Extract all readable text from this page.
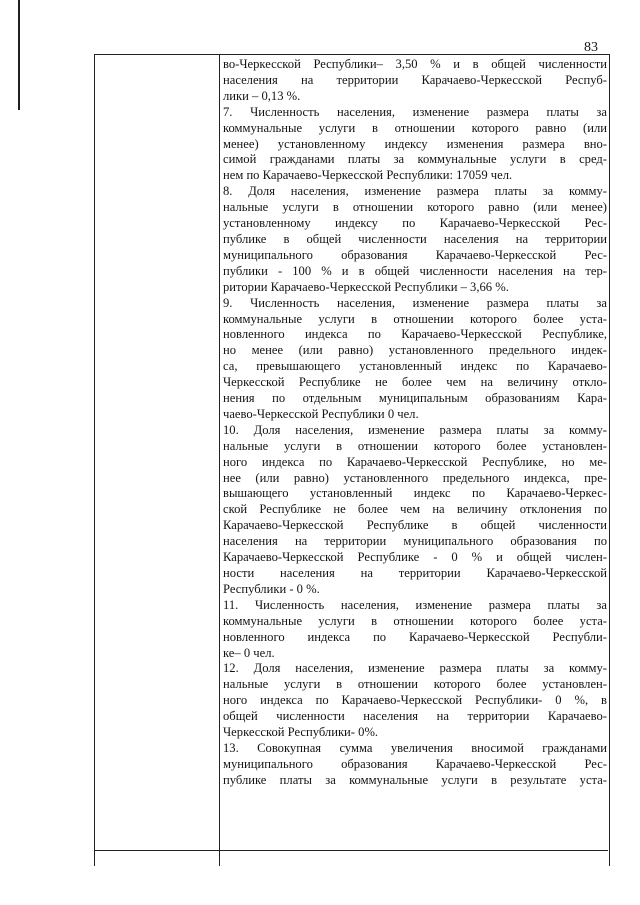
83

во-Черкесской Республики– 3,50 % и в общей численности

населения на территории Карачаево-Черкесской Респуб-

лики – 0,13 %.

7. Численность населения, изменение размера платы за

коммунальные услуги в отношении которого равно (или

менее) установленному индексу изменения размера вно-

симой гражданами платы за коммунальные услуги в сред-

нем по Карачаево-Черкесской Республики: 17059 чел.

8. Доля населения, изменение размера платы за комму-

нальные услуги в отношении которого равно (или менее)

установленному индексу по Карачаево-Черкесской Рес-

публике в общей численности населения на территории

муниципального образования Карачаево-Черкесской Рес-

публики - 100 % и в общей численности населения на тер-

ритории Карачаево-Черкесской Республики – 3,66 %.

9. Численность населения, изменение размера платы за

коммунальные услуги в отношении которого более уста-

новленного индекса по Карачаево-Черкесской Республике,

но менее (или равно) установленного предельного индек-

са, превышающего установленный индекс по Карачаево-

Черкесской Республике не более чем на величину откло-

нения по отдельным муниципальным образованиям Кара-

чаево-Черкесской Республики 0 чел.

10. Доля населения, изменение размера платы за комму-

нальные услуги в отношении которого более установлен-

ного индекса по Карачаево-Черкесской Республике, но ме-

нее (или равно) установленного предельного индекса, пре-

вышающего установленный индекс по Карачаево-Черкес-

ской Республике не более чем на величину отклонения по

Карачаево-Черкесской Республике в общей численности

населения на территории муниципального образования по

Карачаево-Черкесской Республике - 0 % и общей числен-

ности населения на территории Карачаево-Черкесской

Республики - 0 %.

11. Численность населения, изменение размера платы за

коммунальные услуги в отношении которого более уста-

новленного индекса по Карачаево-Черкесской Республи-

ке– 0 чел.

12. Доля населения, изменение размера платы за комму-

нальные услуги в отношении которого более установлен-

ного индекса по Карачаево-Черкесской Республики- 0 %, в

общей численности населения на территории Карачаево-

Черкесской Республики- 0%.

13. Совокупная сумма увеличения вносимой гражданами

муниципального образования Карачаево-Черкесской Рес-

публике платы за коммунальные услуги в результате уста-
